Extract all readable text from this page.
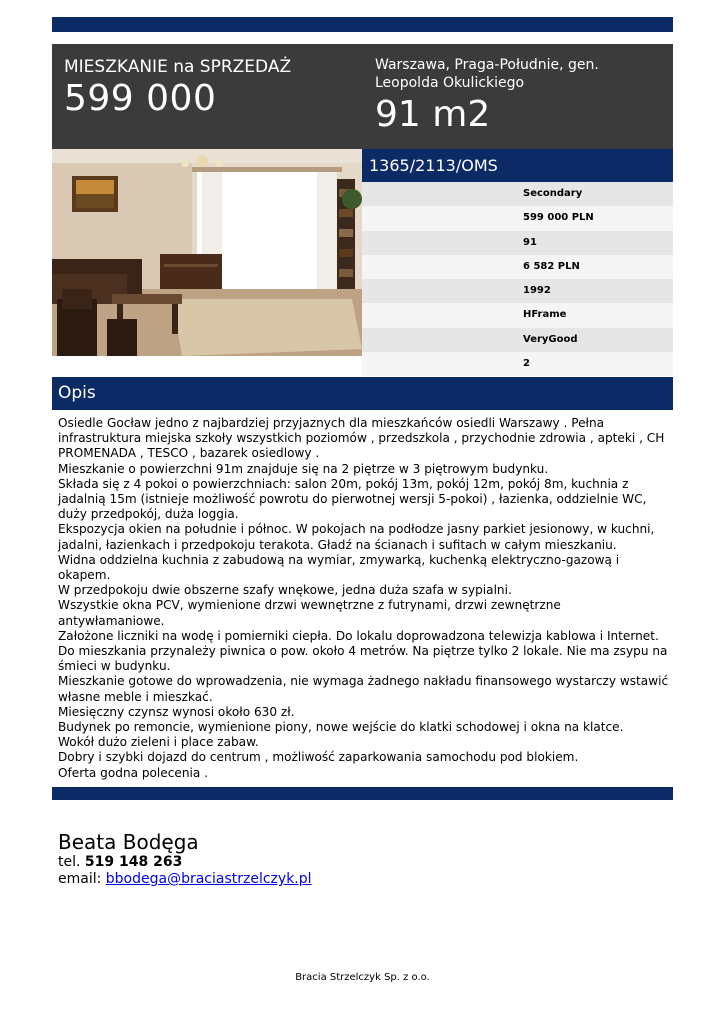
MIESZKANIE na SPRZEDAŻ
599 000
Warszawa, Praga-Południe, gen. Leopolda Okulickiego
91 m2
1365/2113/OMS
Secondary
599 000 PLN
91
6 582 PLN
1992
HFrame
VeryGood
2
Opis

Osiedle Gocław jedno z najbardziej przyjaznych dla mieszkańców osiedli Warszawy . Pełna infrastruktura miejska szkoły wszystkich poziomów , przedszkola , przychodnie zdrowia , apteki , CH PROMENADA , TESCO , bazarek osiedlowy .

Mieszkanie o powierzchni 91m znajduje się na 2 piętrze w 3 piętrowym budynku.

Składa się z 4 pokoi o powierzchniach: salon 20m, pokój 13m, pokój 12m, pokój 8m, kuchnia z jadalnią 15m (istnieje możliwość powrotu do pierwotnej wersji 5-pokoi) , łazienka, oddzielnie WC, duży przedpokój, duża loggia.

Ekspozycja okien na południe i północ. W pokojach na podłodze jasny parkiet jesionowy, w kuchni, jadalni, łazienkach i przedpokoju terakota. Gładź na ścianach i sufitach w całym mieszkaniu.

Widna oddzielna kuchnia z zabudową na wymiar, zmywarką, kuchenką elektryczno-gazową i okapem.

W przedpokoju dwie obszerne szafy wnękowe, jedna duża szafa w sypialni.

Wszystkie okna PCV, wymienione drzwi wewnętrzne z futrynami, drzwi zewnętrzne antywłamaniowe.

Założone liczniki na wodę i pomierniki ciepła. Do lokalu doprowadzona telewizja kablowa i Internet.

Do mieszkania przynależy piwnica o pow. około 4 metrów. Na piętrze tylko 2 lokale. Nie ma zsypu na śmieci w budynku.

Mieszkanie gotowe do wprowadzenia, nie wymaga żadnego nakładu finansowego wystarczy wstawić własne meble i mieszkać.

Miesięczny czynsz wynosi około 630 zł.

Budynek po remoncie, wymienione piony, nowe wejście do klatki schodowej i okna na klatce.

Wokół dużo zieleni i place zabaw.

Dobry i szybki dojazd do centrum , możliwość zaparkowania samochodu pod blokiem.

Oferta godna polecenia .

Beata Bodęga
tel. 519 148 263
email: bbodega@braciastrzelczyk.pl
Bracia Strzelczyk Sp. z o.o.
